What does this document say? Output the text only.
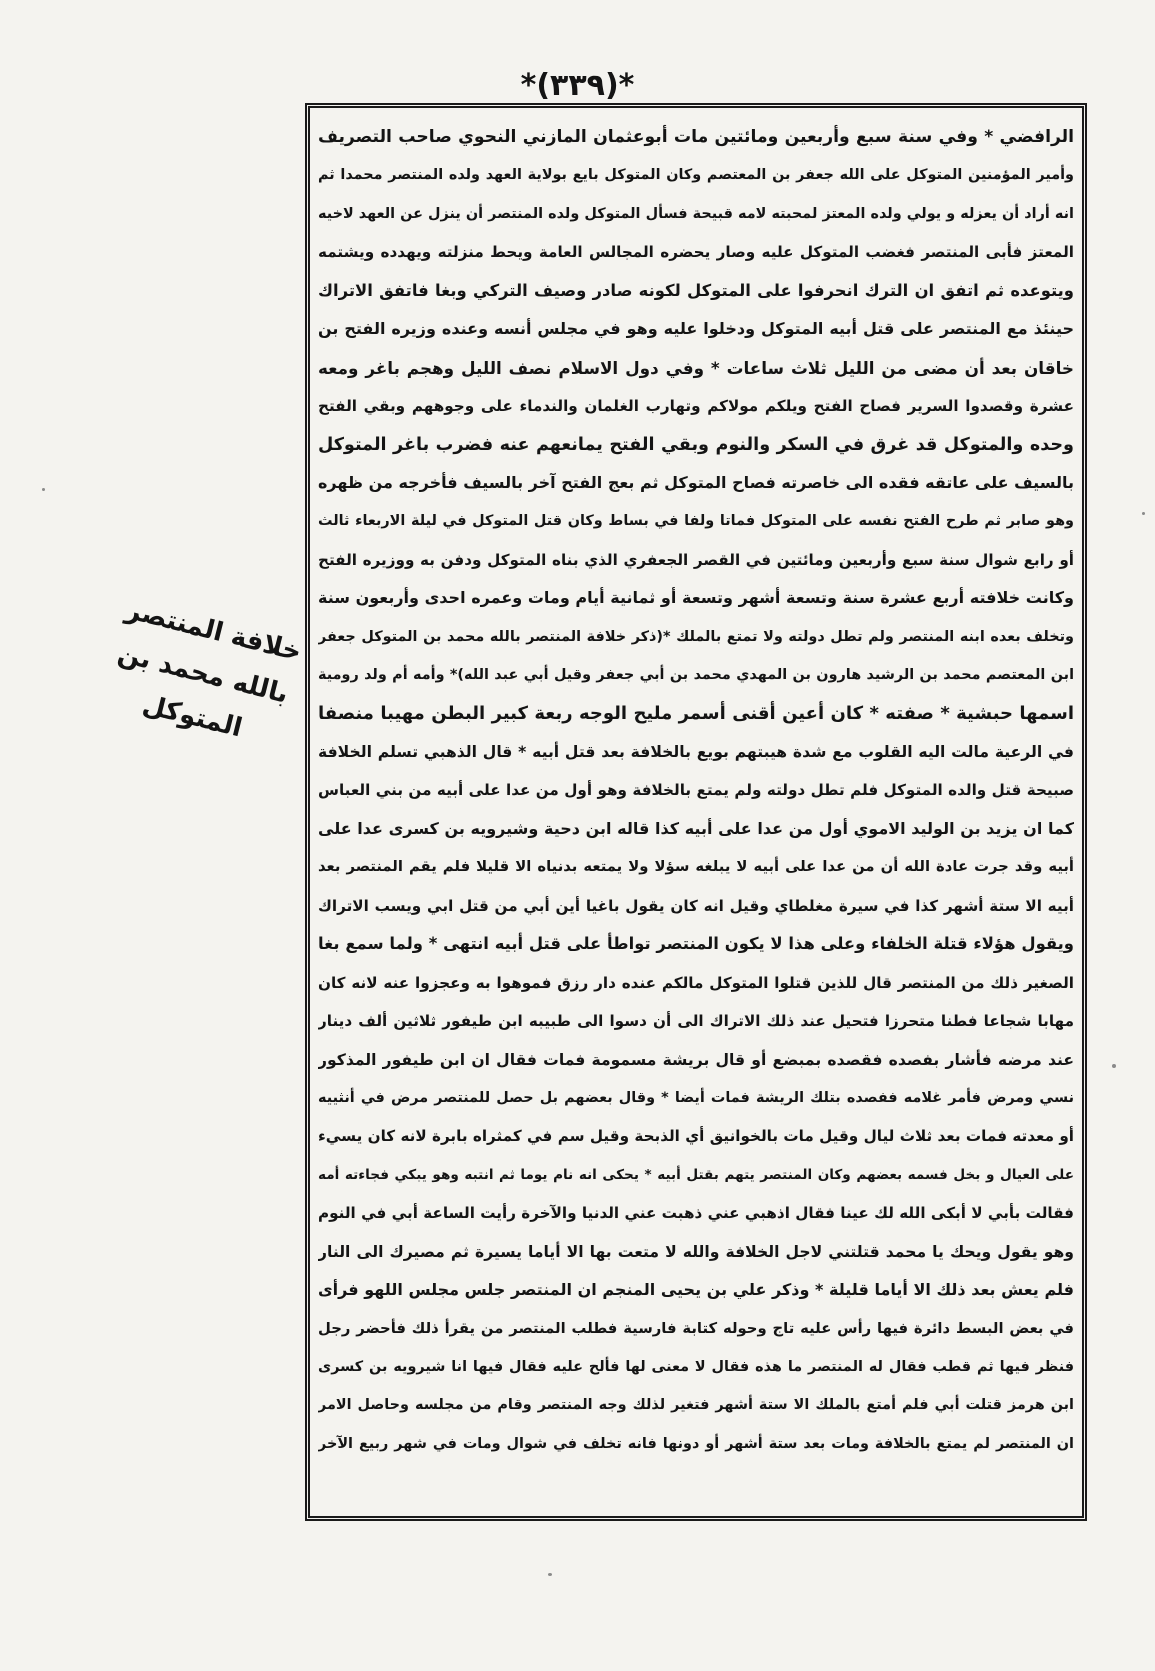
*(٣٣٩)*
خلافة المنتصر بالله محمد بن المتوكل
الرافضي * وفي سنة سبع وأربعين ومائتين مات أبوعثمان المازني النحوي صاحب التصريف
وأمير المؤمنين المتوكل على الله جعفر بن المعتصم وكان المتوكل بايع بولاية العهد ولده المنتصر محمدا ثم
انه أراد أن يعزله و يولي ولده المعتز لمحبته لامه قبيحة فسأل المتوكل ولده المنتصر أن ينزل عن العهد لاخيه
المعتز فأبى المنتصر فغضب المتوكل عليه وصار يحضره المجالس العامة ويحط منزلته ويهدده ويشتمه
ويتوعده ثم اتفق ان الترك انحرفوا على المتوكل لكونه صادر وصيف التركي وبغا فاتفق الاتراك
حينئذ مع المنتصر على قتل أبيه المتوكل ودخلوا عليه وهو في مجلس أنسه وعنده وزيره الفتح بن
خاقان بعد أن مضى من الليل ثلاث ساعات * وفي دول الاسلام نصف الليل وهجم باغر ومعه
عشرة وقصدوا السرير فصاح الفتح ويلكم مولاكم وتهارب الغلمان والندماء على وجوههم وبقي الفتح
وحده والمتوكل قد غرق في السكر والنوم وبقي الفتح يمانعهم عنه فضرب باغر المتوكل
بالسيف على عاتقه فقده الى خاصرته فصاح المتوكل ثم بعج الفتح آخر بالسيف فأخرجه من ظهره
وهو صابر ثم طرح الفتح نفسه على المتوكل فماتا ولفا في بساط وكان قتل المتوكل في ليلة الاربعاء ثالث
أو رابع شوال سنة سبع وأربعين ومائتين في القصر الجعفري الذي بناه المتوكل ودفن به ووزيره الفتح
وكانت خلافته أربع عشرة سنة وتسعة أشهر وتسعة أو ثمانية أيام ومات وعمره احدى وأربعون سنة
وتخلف بعده ابنه المنتصر ولم تطل دولته ولا تمتع بالملك *(ذكر خلافة المنتصر بالله محمد بن المتوكل جعفر
ابن المعتصم محمد بن الرشيد هارون بن المهدي محمد بن أبي جعفر وقيل أبي عبد الله)* وأمه أم ولد رومية
اسمها حبشية * صفته * كان أعين أقنى أسمر مليح الوجه ربعة كبير البطن مهيبا منصفا
في الرعية مالت اليه القلوب مع شدة هيبتهم بويع بالخلافة بعد قتل أبيه * قال الذهبي تسلم الخلافة
صبيحة قتل والده المتوكل فلم تطل دولته ولم يمتع بالخلافة وهو أول من عدا على أبيه من بني العباس
كما ان يزيد بن الوليد الاموي أول من عدا على أبيه كذا قاله ابن دحية وشيرويه بن كسرى عدا على
أبيه وقد جرت عادة الله أن من عدا على أبيه لا يبلغه سؤلا ولا يمتعه بدنياه الا قليلا فلم يقم المنتصر بعد
أبيه الا ستة أشهر كذا في سيرة مغلطاي وقيل انه كان يقول باغيا أين أبي من قتل ابي ويسب الاتراك
ويقول هؤلاء قتلة الخلفاء وعلى هذا لا يكون المنتصر تواطأ على قتل أبيه انتهى * ولما سمع بغا
الصغير ذلك من المنتصر قال للذين قتلوا المتوكل مالكم عنده دار رزق فموهوا به وعجزوا عنه لانه كان
مهابا شجاعا فطنا متحرزا فتحيل عند ذلك الاتراك الى أن دسوا الى طبيبه ابن طيفور ثلاثين ألف دينار
عند مرضه فأشار بفصده فقصده بمبضع أو قال بريشة مسمومة فمات فقال ان ابن طيفور المذكور
نسي ومرض فأمر غلامه ففصده بتلك الريشة فمات أيضا * وقال بعضهم بل حصل للمنتصر مرض في أنثييه
أو معدته فمات بعد ثلاث ليال وقيل مات بالخوانيق أي الذبحة وقيل سم في كمثراه بابرة لانه كان يسيء
على العيال و بخل فسمه بعضهم وكان المنتصر يتهم بقتل أبيه * يحكى انه نام يوما ثم انتبه وهو يبكي فجاءته أمه
فقالت بأبي لا أبكى الله لك عينا فقال اذهبي عني ذهبت عني الدنيا والآخرة رأيت الساعة أبي في النوم
وهو يقول ويحك يا محمد قتلتني لاجل الخلافة والله لا متعت بها الا أياما يسيرة ثم مصيرك الى النار
فلم يعش بعد ذلك الا أياما قليلة * وذكر علي بن يحيى المنجم ان المنتصر جلس مجلس اللهو فرأى
في بعض البسط دائرة فيها رأس عليه تاج وحوله كتابة فارسية فطلب المنتصر من يقرأ ذلك فأحضر رجل
فنظر فيها ثم قطب فقال له المنتصر ما هذه فقال لا معنى لها فألح عليه فقال فيها انا شيرويه بن كسرى
ابن هرمز قتلت أبي فلم أمتع بالملك الا ستة أشهر فتغير لذلك وجه المنتصر وقام من مجلسه وحاصل الامر
ان المنتصر لم يمتع بالخلافة ومات بعد ستة أشهر أو دونها فانه تخلف في شوال ومات في شهر ربيع الآخر
